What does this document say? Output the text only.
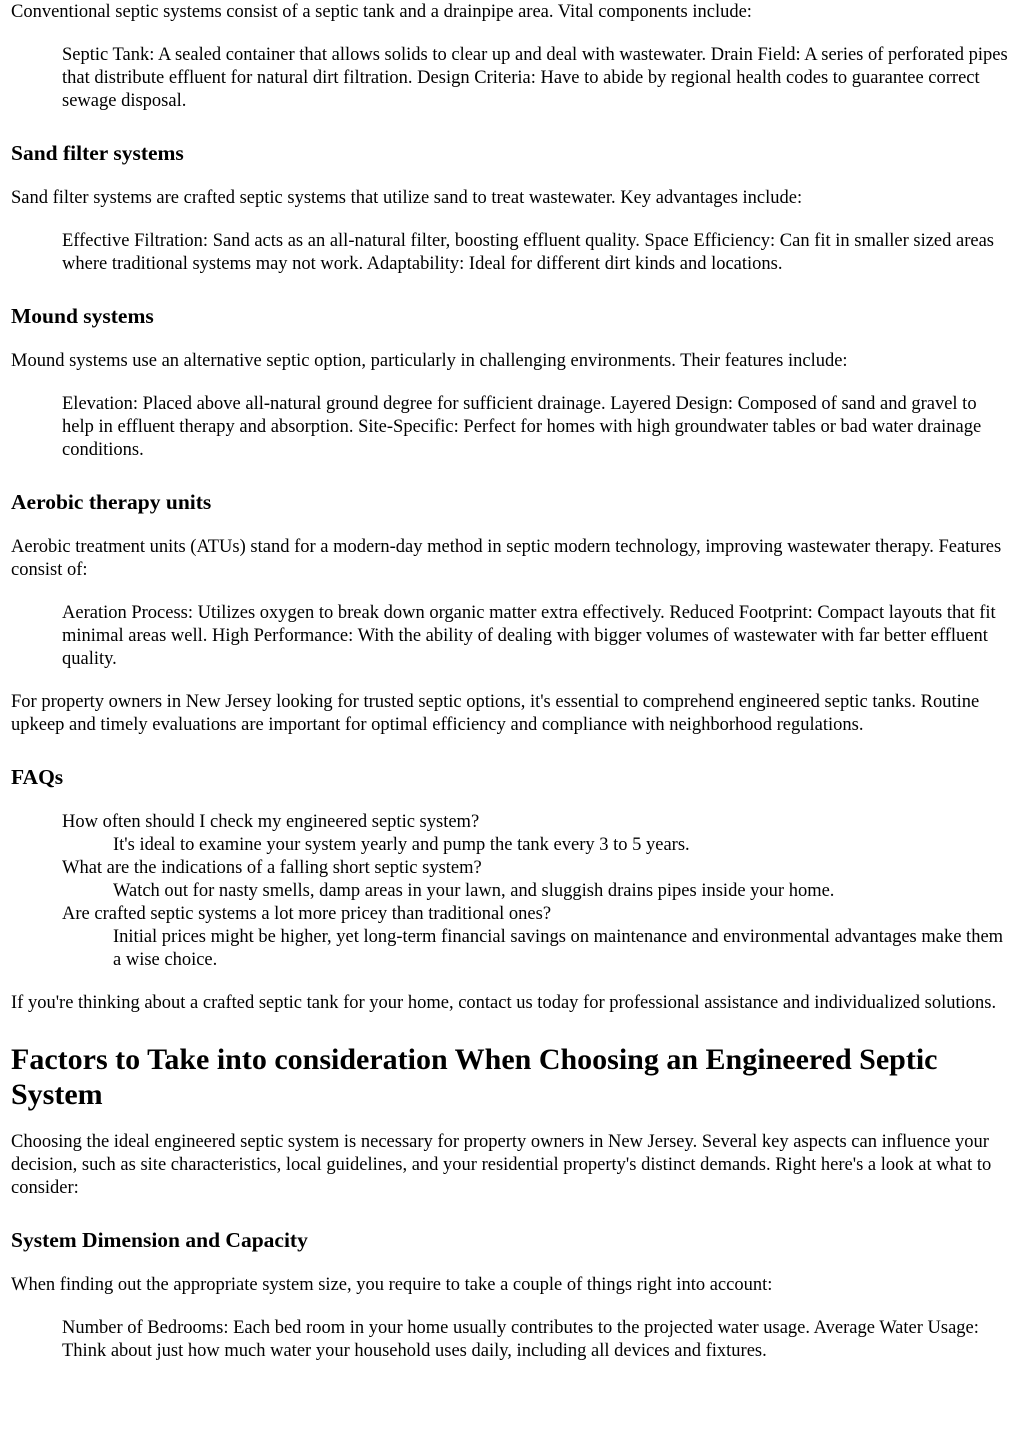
Conventional septic systems consist of a septic tank and a drainpipe area. Vital components include:

Septic Tank: A sealed container that allows solids to clear up and deal with wastewater. Drain Field: A series of perforated pipes that distribute effluent for natural dirt filtration. Design Criteria: Have to abide by regional health codes to guarantee correct sewage disposal.
Sand filter systems

Sand filter systems are crafted septic systems that utilize sand to treat wastewater. Key advantages include:

Effective Filtration: Sand acts as an all-natural filter, boosting effluent quality. Space Efficiency: Can fit in smaller sized areas where traditional systems may not work. Adaptability: Ideal for different dirt kinds and locations.
Mound systems

Mound systems use an alternative septic option, particularly in challenging environments. Their features include:

Elevation: Placed above all-natural ground degree for sufficient drainage. Layered Design: Composed of sand and gravel to help in effluent therapy and absorption. Site-Specific: Perfect for homes with high groundwater tables or bad water drainage conditions.
Aerobic therapy units

Aerobic treatment units (ATUs) stand for a modern-day method in septic modern technology, improving wastewater therapy. Features consist of:

Aeration Process: Utilizes oxygen to break down organic matter extra effectively. Reduced Footprint: Compact layouts that fit minimal areas well. High Performance: With the ability of dealing with bigger volumes of wastewater with far better effluent quality.

For property owners in New Jersey looking for trusted septic options, it's essential to comprehend engineered septic tanks. Routine upkeep and timely evaluations are important for optimal efficiency and compliance with neighborhood regulations.

FAQs
How often should I check my engineered septic system?
It's ideal to examine your system yearly and pump the tank every 3 to 5 years.
What are the indications of a falling short septic system?
Watch out for nasty smells, damp areas in your lawn, and sluggish drains pipes inside your home.
Are crafted septic systems a lot more pricey than traditional ones?
Initial prices might be higher, yet long-term financial savings on maintenance and environmental advantages make them a wise choice.

If you're thinking about a crafted septic tank for your home, contact us today for professional assistance and individualized solutions.

Factors to Take into consideration When Choosing an Engineered Septic System

Choosing the ideal engineered septic system is necessary for property owners in New Jersey. Several key aspects can influence your decision, such as site characteristics, local guidelines, and your residential property's distinct demands. Right here's a look at what to consider:

System Dimension and Capacity

When finding out the appropriate system size, you require to take a couple of things right into account:

Number of Bedrooms: Each bed room in your home usually contributes to the projected water usage. Average Water Usage: Think about just how much water your household uses daily, including all devices and fixtures.
